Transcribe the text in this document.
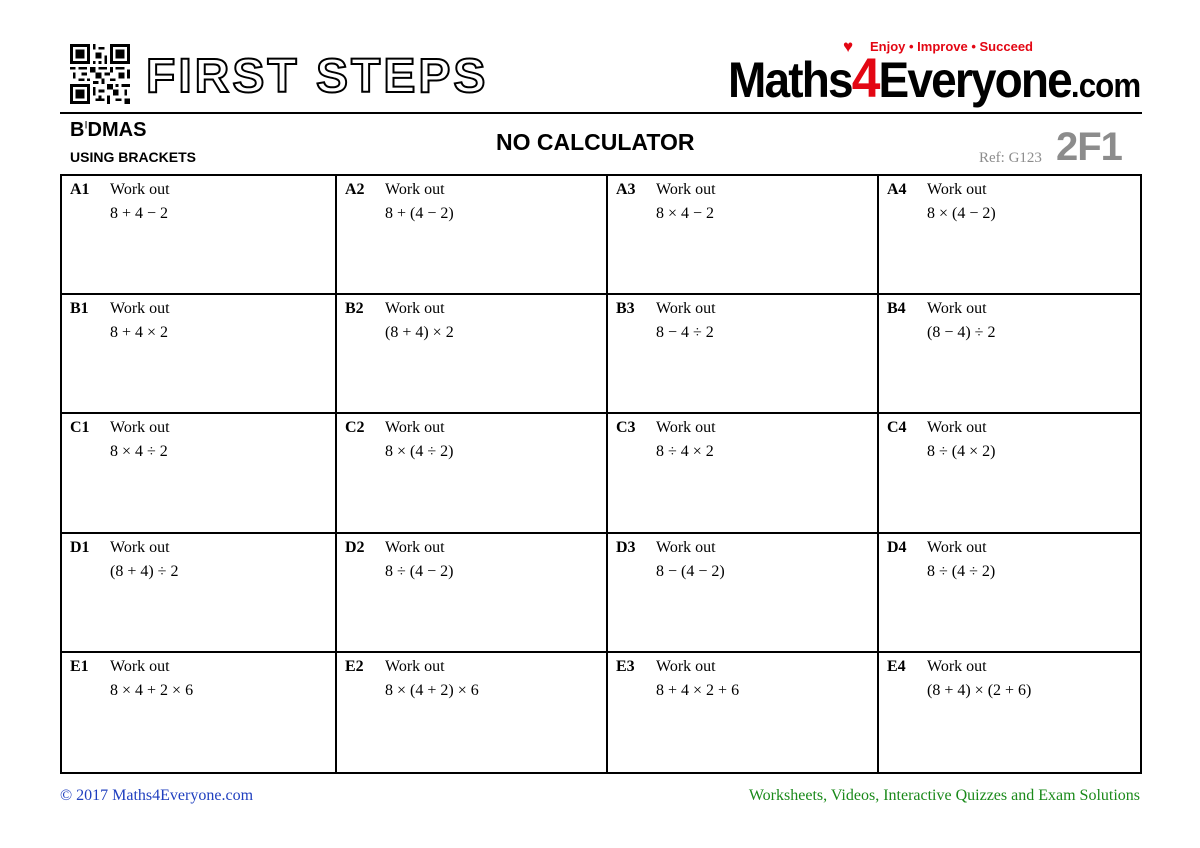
FIRST STEPS
♥ Enjoy • Improve • Succeed
Maths4Everyone.com
$B^IDMAS$
USING BRACKETS
NO CALCULATOR
Ref: G123 2F1
A1 Work out
8 + 4 − 2
A2 Work out
8 + (4 − 2)
A3 Work out
8 × 4 − 2
A4 Work out
8 × (4 − 2)
B1 Work out
8 + 4 × 2
B2 Work out
(8 + 4) × 2
B3 Work out
8 − 4 ÷ 2
B4 Work out
(8 − 4) ÷ 2
C1 Work out
8 × 4 ÷ 2
C2 Work out
8 × (4 ÷ 2)
C3 Work out
8 ÷ 4 × 2
C4 Work out
8 ÷ (4 × 2)
D1 Work out
(8 + 4) ÷ 2
D2 Work out
8 ÷ (4 − 2)
D3 Work out
8 − (4 − 2)
D4 Work out
8 ÷ (4 ÷ 2)
E1 Work out
8 × 4 + 2 × 6
E2 Work out
8 × (4 + 2) × 6
E3 Work out
8 + 4 × 2 + 6
E4 Work out
(8 + 4) × (2 + 6)
© 2017 Maths4Everyone.com	Worksheets, Videos, Interactive Quizzes and Exam Solutions
